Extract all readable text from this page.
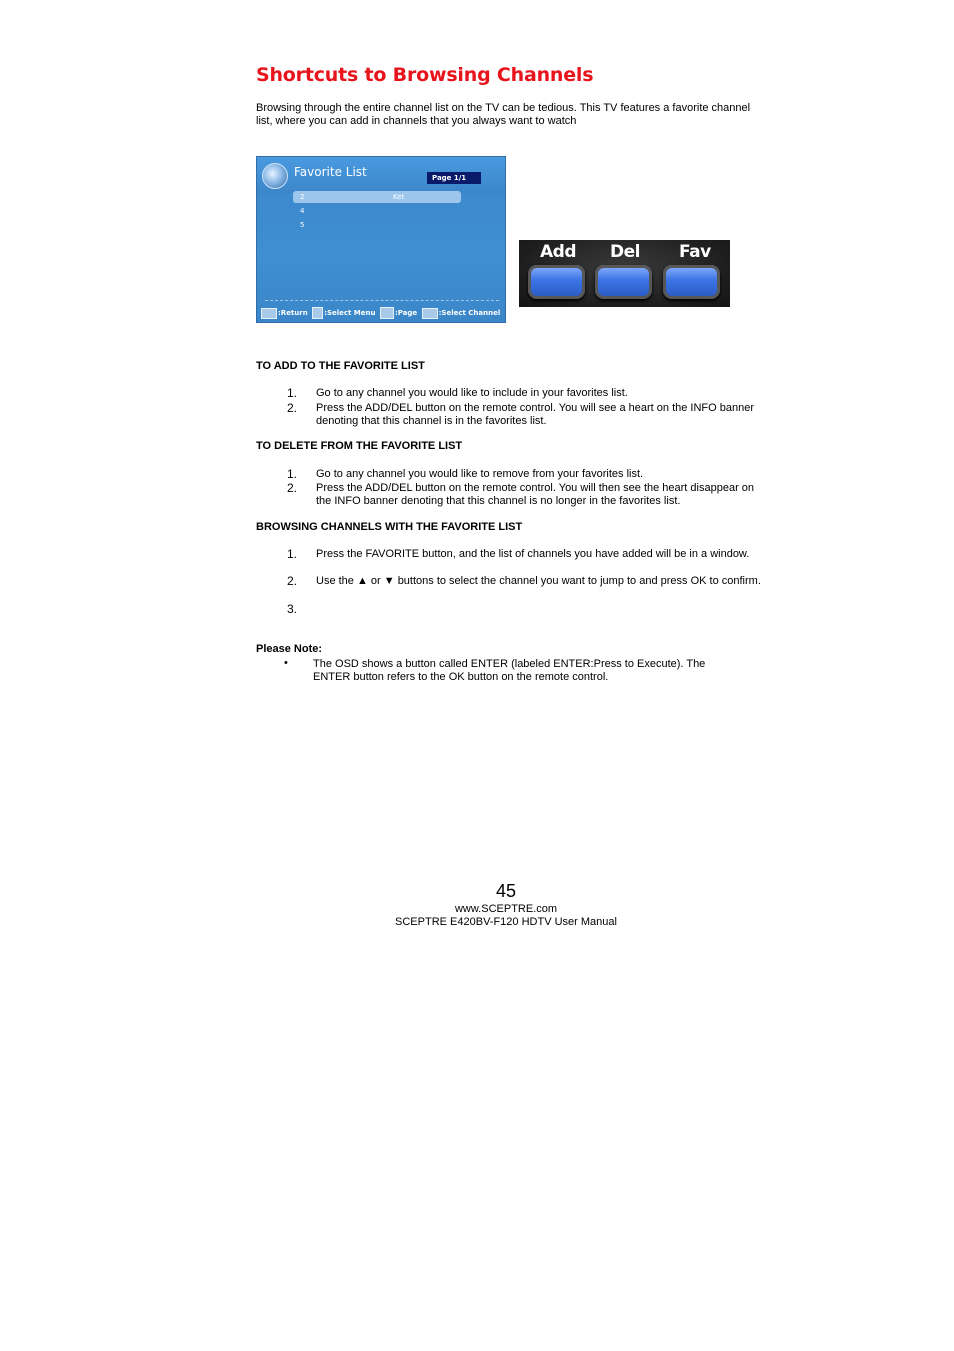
Shortcuts to Browsing Channels
Browsing through the entire channel list on the TV can be tedious. This TV features a favorite channel list, where you can add in channels that you always want to watch
Favorite List	Page 1/1
2	Ket
4
5
:Return :Select Menu	:Page	:Select Channel
Add Del Fav
TO ADD TO THE FAVORITE LIST
1. Go to any channel you would like to include in your favorites list.
2. Press the ADD/DEL button on the remote control. You will see a heart on the INFO banner denoting that this channel is in the favorites list.
TO DELETE FROM THE FAVORITE LIST
1. Go to any channel you would like to remove from your favorites list.
2. Press the ADD/DEL button on the remote control. You will then see the heart disappear on the INFO banner denoting that this channel is no longer in the favorites list.
BROWSING CHANNELS WITH THE FAVORITE LIST
1. Press the FAVORITE button, and the list of channels you have added will be in a window.
2. Use the ▲ or ▼ buttons to select the channel you want to jump to and press OK to confirm.
3.
Please Note:
• The OSD shows a button called ENTER (labeled ENTER:Press to Execute). The ENTER button refers to the OK button on the remote control.
45
www.SCEPTRE.com
SCEPTRE E420BV-F120 HDTV User Manual
